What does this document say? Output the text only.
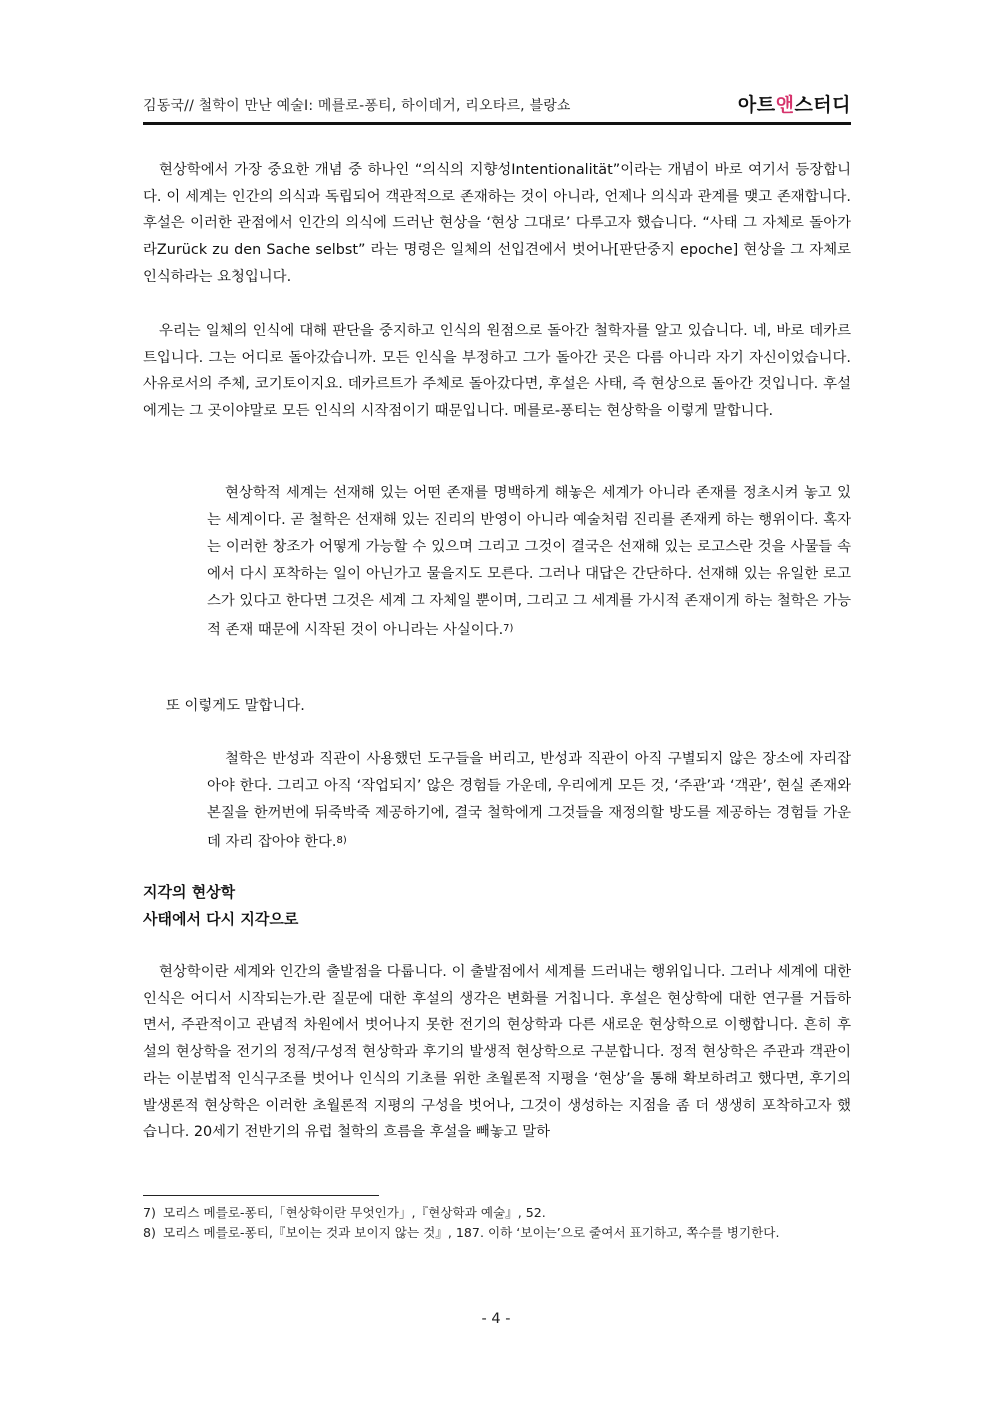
김동국// 철학이 만난 예술Ⅰ: 메를로-퐁티, 하이데거, 리오타르, 블랑쇼	아트앤스터디

현상학에서 가장 중요한 개념 중 하나인 “의식의 지향성Intentionalität”이라는 개념이 바로 여기서 등장합니다. 이 세계는 인간의 의식과 독립되어 객관적으로 존재하는 것이 아니라, 언제나 의식과 관계를 맺고 존재합니다. 후설은 이러한 관점에서 인간의 의식에 드러난 현상을 ‘현상 그대로’ 다루고자 했습니다. “사태 그 자체로 돌아가라Zurück zu den Sache selbst” 라는 명령은 일체의 선입견에서 벗어나[판단중지 epoche] 현상을 그 자체로 인식하라는 요청입니다.

우리는 일체의 인식에 대해 판단을 중지하고 인식의 원점으로 돌아간 철학자를 알고 있습니다. 네, 바로 데카르트입니다. 그는 어디로 돌아갔습니까. 모든 인식을 부정하고 그가 돌아간 곳은 다름 아니라 자기 자신이었습니다. 사유로서의 주체, 코기토이지요. 데카르트가 주체로 돌아갔다면, 후설은 사태, 즉 현상으로 돌아간 것입니다. 후설에게는 그 곳이야말로 모든 인식의 시작점이기 때문입니다. 메를로-퐁티는 현상학을 이렇게 말합니다.

현상학적 세계는 선재해 있는 어떤 존재를 명백하게 해놓은 세계가 아니라 존재를 정초시켜 놓고 있는 세계이다. 곧 철학은 선재해 있는 진리의 반영이 아니라 예술처럼 진리를 존재케 하는 행위이다. 혹자는 이러한 창조가 어떻게 가능할 수 있으며 그리고 그것이 결국은 선재해 있는 로고스란 것을 사물들 속에서 다시 포착하는 일이 아닌가고 물을지도 모른다. 그러나 대답은 간단하다. 선재해 있는 유일한 로고스가 있다고 한다면 그것은 세계 그 자체일 뿐이며, 그리고 그 세계를 가시적 존재이게 하는 철학은 가능적 존재 때문에 시작된 것이 아니라는 사실이다.$^{7)}$

또 이렇게도 말합니다.

철학은 반성과 직관이 사용했던 도구들을 버리고, 반성과 직관이 아직 구별되지 않은 장소에 자리잡아야 한다. 그리고 아직 ‘작업되지’ 않은 경험들 가운데, 우리에게 모든 것, ‘주관’과 ‘객관’, 현실 존재와 본질을 한꺼번에 뒤죽박죽 제공하기에, 결국 철학에게 그것들을 재정의할 방도를 제공하는 경험들 가운데 자리 잡아야 한다.$^{8)}$

지각의 현상학
사태에서 다시 지각으로

현상학이란 세계와 인간의 출발점을 다룹니다. 이 출발점에서 세계를 드러내는 행위입니다. 그러나 세계에 대한 인식은 어디서 시작되는가.란 질문에 대한 후설의 생각은 변화를 거칩니다. 후설은 현상학에 대한 연구를 거듭하면서, 주관적이고 관념적 차원에서 벗어나지 못한 전기의 현상학과 다른 새로운 현상학으로 이행합니다. 흔히 후설의 현상학을 전기의 정적/구성적 현상학과 후기의 발생적 현상학으로 구분합니다. 정적 현상학은 주관과 객관이라는 이분법적 인식구조를 벗어나 인식의 기초를 위한 초월론적 지평을 ‘현상’을 통해 확보하려고 했다면, 후기의 발생론적 현상학은 이러한 초월론적 지평의 구성을 벗어나, 그것이 생성하는 지점을 좀 더 생생히 포착하고자 했습니다. 20세기 전반기의 유럽 철학의 흐름을 후설을 빼놓고 말하

7) 모리스 메를로-퐁티,「현상학이란 무엇인가」,『현상학과 예술』, 52.
8) 모리스 메를로-퐁티,『보이는 것과 보이지 않는 것』, 187. 이하 ‘보이는’으로 줄여서 표기하고, 쪽수를 병기한다.
- 4 -
